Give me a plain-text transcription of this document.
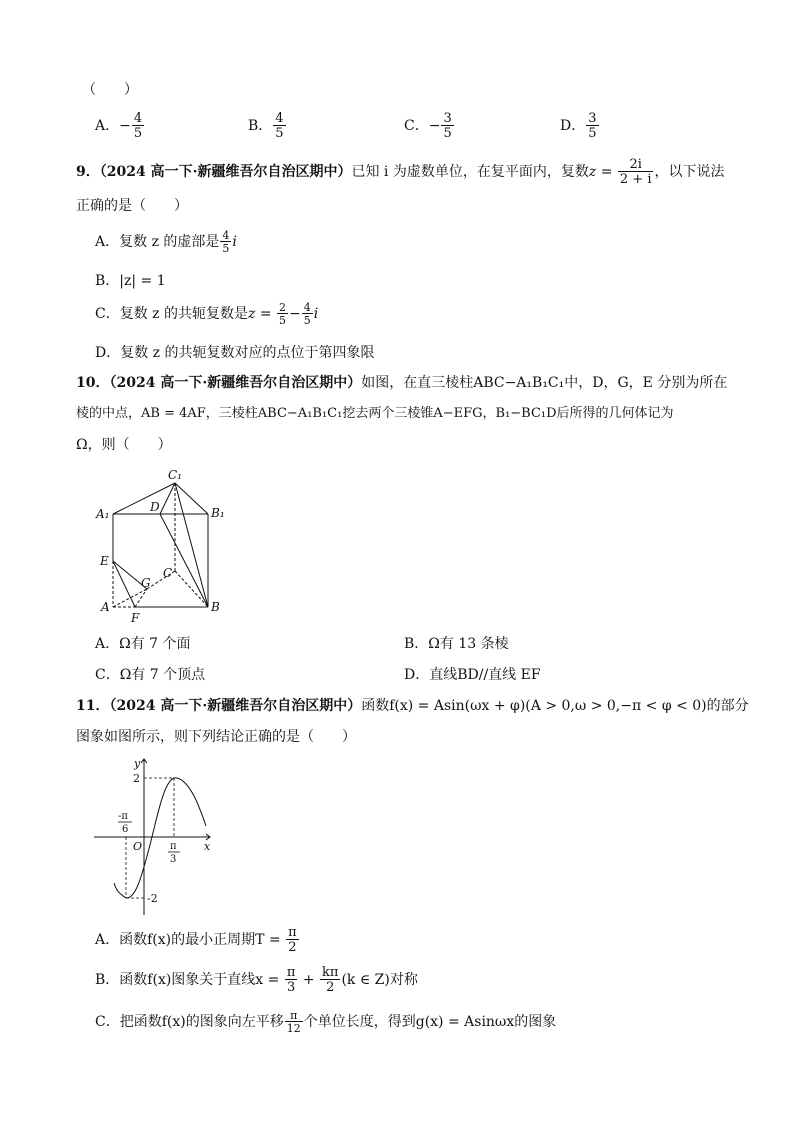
（　　）
A．− $\frac{4}{5}$	B． $\frac{4}{5}$	C．− $\frac{3}{5}$	D． $\frac{3}{5}$
9．（2024 高一下·新疆维吾尔自治区期中）已知 i 为虚数单位，在复平面内，复数$z = \frac{2i}{2 + i}$ ，以下说法
正确的是（　　）
A．复数 z 的虚部是 $\frac{4}{5}$ i
B．|z| = 1
C．复数 z 的共轭复数是$z = \frac{2}{5} - \frac{4}{5}$ i
D．复数 z 的共轭复数对应的点位于第四象限
10．（2024 高一下·新疆维吾尔自治区期中）如图，在直三棱柱ABC−A₁B₁C₁中，D，G，E 分别为所在
棱的中点，AB = 4AF，三棱柱ABC−A₁B₁C₁挖去两个三棱锥A−EFG，B₁−BC₁D后所得的几何体记为
Ω，则（　　）
C₁
A₁	D	B₁
E
G
C
A
F
B
A．Ω有 7 个面	B．Ω有 13 条棱
C．Ω有 7 个顶点	D．直线BD//直线 EF
11．（2024 高一下·新疆维吾尔自治区期中）函数f(x) = Asin(ωx + φ)(A > 0,ω > 0,−π < φ < 0)的部分
图象如图所示，则下列结论正确的是（　　）
y
x
O
2
-2
-π
6
π
3
A．函数f(x)的最小正周期$T = \frac{\pi}{2}$
B．函数f(x)图象关于直线$x = \frac{\pi}{3} + \frac{k\pi}{2} (k$ ∈ Z)对称
C．把函数f(x)的图象向左平移 $\frac{\pi}{12}$ 个单位长度，得到g(x) = Asinωx的图象
